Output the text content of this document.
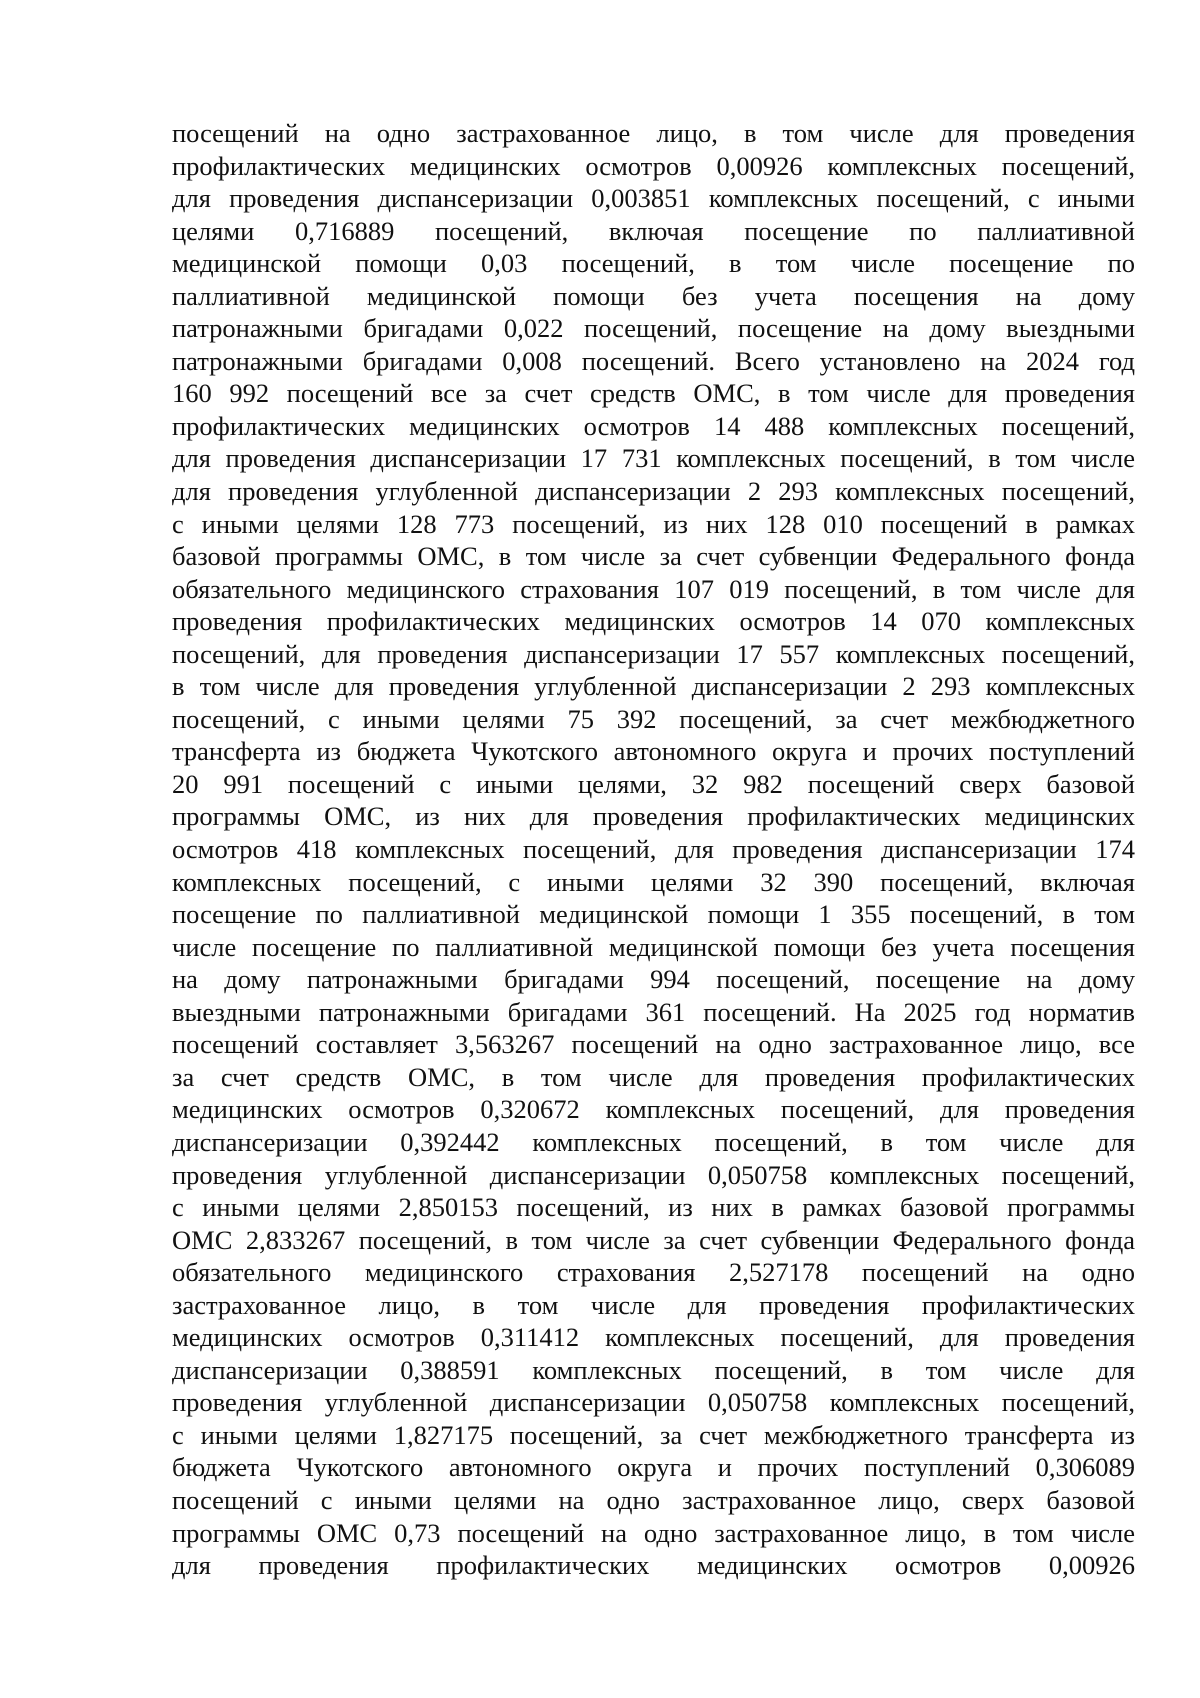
посещений на одно застрахованное лицо, в том числе для проведения
профилактических медицинских осмотров 0,00926 комплексных посещений,
для проведения диспансеризации 0,003851 комплексных посещений, с иными
целями 0,716889 посещений, включая посещение по паллиативной
медицинской помощи 0,03 посещений, в том числе посещение по
паллиативной медицинской помощи без учета посещения на дому
патронажными бригадами 0,022 посещений, посещение на дому выездными
патронажными бригадами 0,008 посещений. Всего установлено на 2024 год
160 992 посещений все за счет средств ОМС, в том числе для проведения
профилактических медицинских осмотров 14 488 комплексных посещений,
для проведения диспансеризации 17 731 комплексных посещений, в том числе
для проведения углубленной диспансеризации 2 293 комплексных посещений,
с иными целями 128 773 посещений, из них 128 010 посещений в рамках
базовой программы ОМС, в том числе за счет субвенции Федерального фонда
обязательного медицинского страхования 107 019 посещений, в том числе для
проведения профилактических медицинских осмотров 14 070 комплексных
посещений, для проведения диспансеризации 17 557 комплексных посещений,
в том числе для проведения углубленной диспансеризации 2 293 комплексных
посещений, с иными целями 75 392 посещений, за счет межбюджетного
трансферта из бюджета Чукотского автономного округа и прочих поступлений
20 991 посещений с иными целями, 32 982 посещений сверх базовой
программы ОМС, из них для проведения профилактических медицинских
осмотров 418 комплексных посещений, для проведения диспансеризации 174
комплексных посещений, с иными целями 32 390 посещений, включая
посещение по паллиативной медицинской помощи 1 355 посещений, в том
числе посещение по паллиативной медицинской помощи без учета посещения
на дому патронажными бригадами 994 посещений, посещение на дому
выездными патронажными бригадами 361 посещений. На 2025 год норматив
посещений составляет 3,563267 посещений на одно застрахованное лицо, все
за счет средств ОМС, в том числе для проведения профилактических
медицинских осмотров 0,320672 комплексных посещений, для проведения
диспансеризации 0,392442 комплексных посещений, в том числе для
проведения углубленной диспансеризации 0,050758 комплексных посещений,
с иными целями 2,850153 посещений, из них в рамках базовой программы
ОМС 2,833267 посещений, в том числе за счет субвенции Федерального фонда
обязательного медицинского страхования 2,527178 посещений на одно
застрахованное лицо, в том числе для проведения профилактических
медицинских осмотров 0,311412 комплексных посещений, для проведения
диспансеризации 0,388591 комплексных посещений, в том числе для
проведения углубленной диспансеризации 0,050758 комплексных посещений,
с иными целями 1,827175 посещений, за счет межбюджетного трансферта из
бюджета Чукотского автономного округа и прочих поступлений 0,306089
посещений с иными целями на одно застрахованное лицо, сверх базовой
программы ОМС 0,73 посещений на одно застрахованное лицо, в том числе
для проведения профилактических медицинских осмотров 0,00926
